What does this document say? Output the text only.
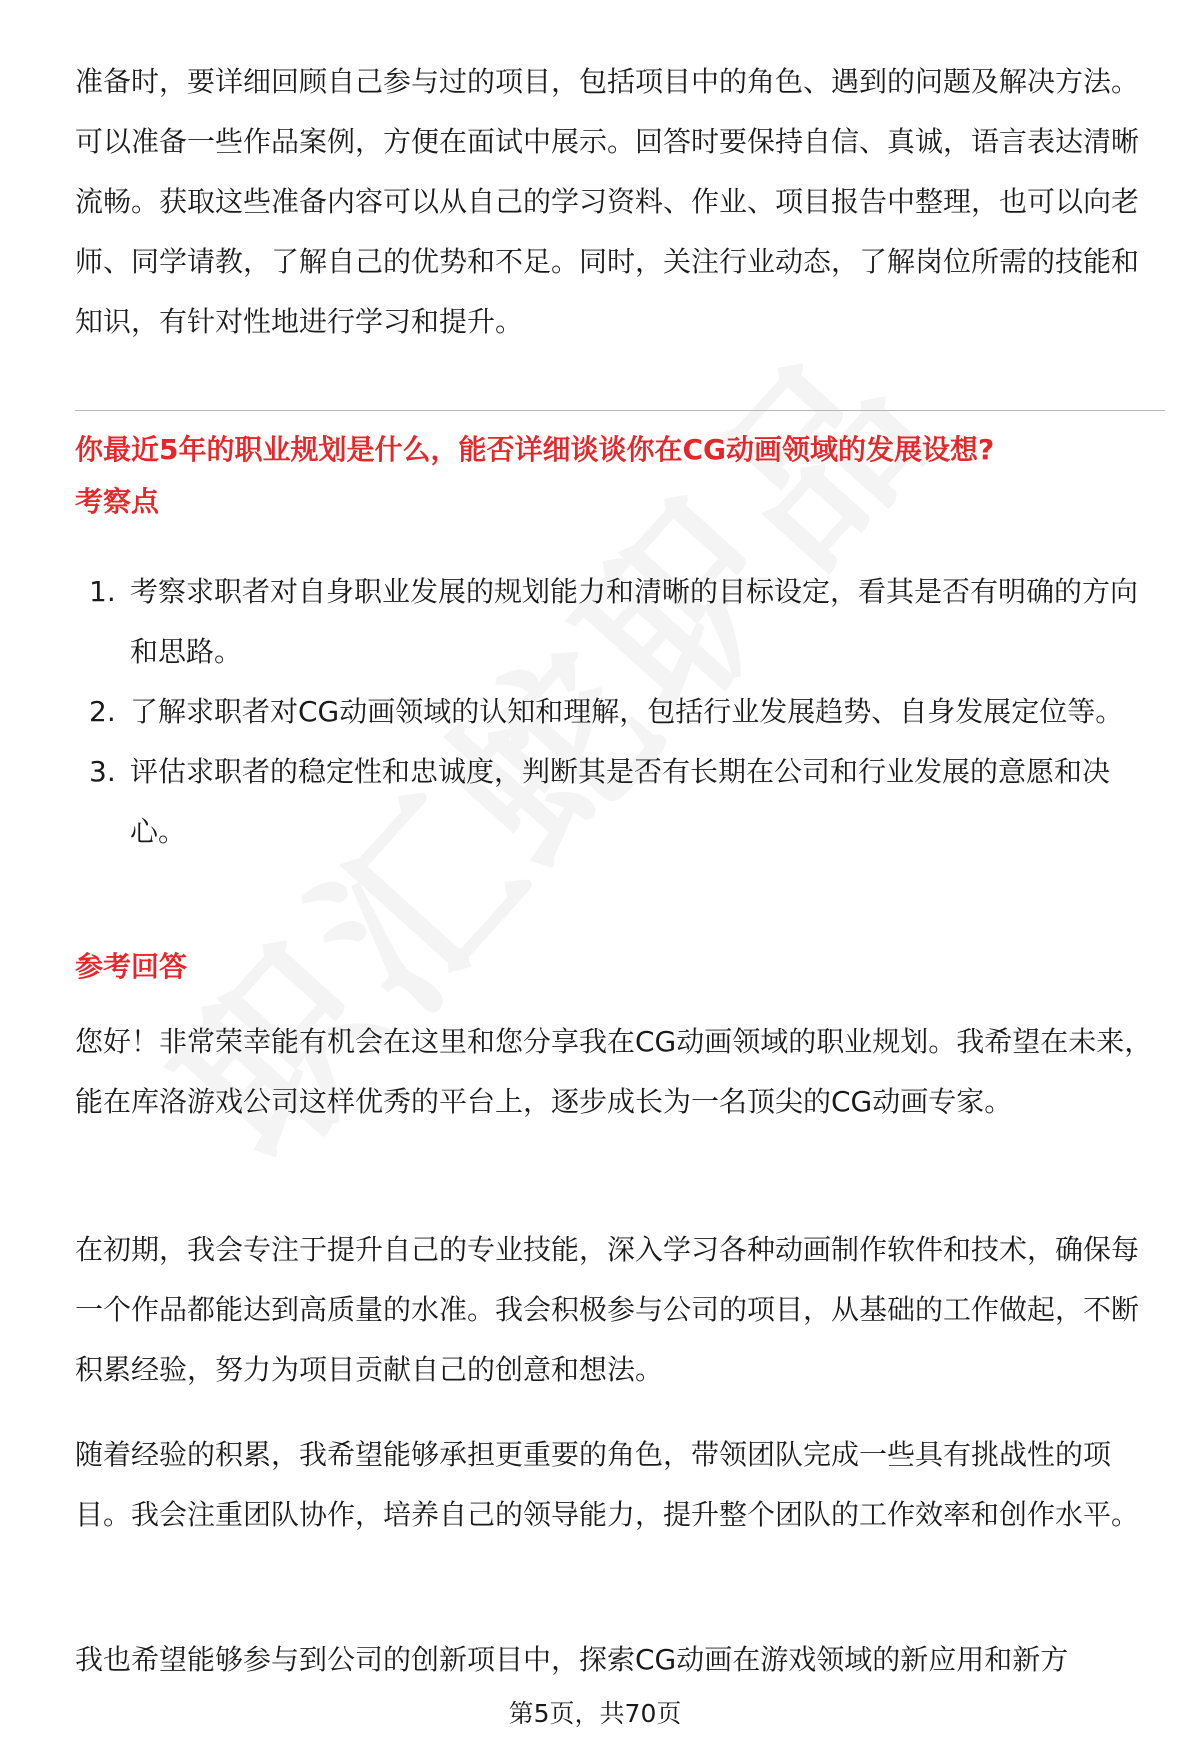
准备时，要详细回顾自己参与过的项目，包括项目中的角色、遇到的问题及解决方法。可以准备一些作品案例，方便在面试中展示。回答时要保持自信、真诚，语言表达清晰流畅。获取这些准备内容可以从自己的学习资料、作业、项目报告中整理，也可以向老师、同学请教，了解自己的优势和不足。同时，关注行业动态，了解岗位所需的技能和知识，有针对性地进行学习和提升。

你最近5年的职业规划是什么，能否详细谈谈你在CG动画领域的发展设想?

考察点

1. 考察求职者对自身职业发展的规划能力和清晰的目标设定，看其是否有明确的方向和思路。
2. 了解求职者对CG动画领域的认知和理解，包括行业发展趋势、自身发展定位等。
3. 评估求职者的稳定性和忠诚度，判断其是否有长期在公司和行业发展的意愿和决心。

参考回答

您好！非常荣幸能有机会在这里和您分享我在CG动画领域的职业规划。我希望在未来，能在库洛游戏公司这样优秀的平台上，逐步成长为一名顶尖的CG动画专家。

在初期，我会专注于提升自己的专业技能，深入学习各种动画制作软件和技术，确保每一个作品都能达到高质量的水准。我会积极参与公司的项目，从基础的工作做起，不断积累经验，努力为项目贡献自己的创意和想法。

随着经验的积累，我希望能够承担更重要的角色，带领团队完成一些具有挑战性的项目。我会注重团队协作，培养自己的领导能力，提升整个团队的工作效率和创作水平。

我也希望能够参与到公司的创新项目中，探索CG动画在游戏领域的新应用和新方

第5页，共70页
